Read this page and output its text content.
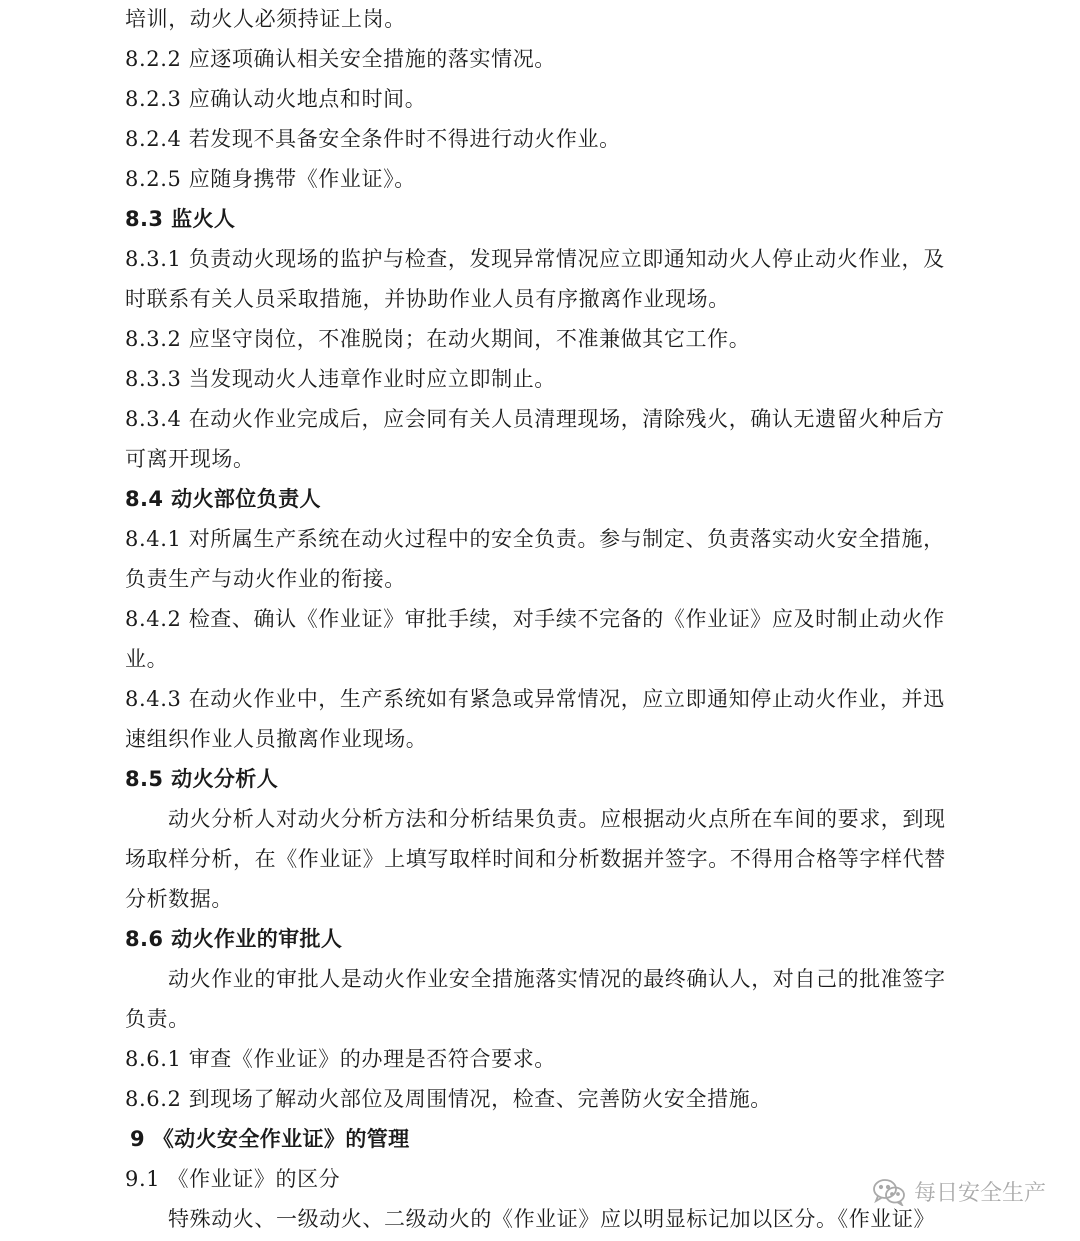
培训，动火人必须持证上岗。
8.2.2 应逐项确认相关安全措施的落实情况。
8.2.3 应确认动火地点和时间。
8.2.4 若发现不具备安全条件时不得进行动火作业。
8.2.5 应随身携带《作业证》。
8.3 监火人
8.3.1 负责动火现场的监护与检查，发现异常情况应立即通知动火人停止动火作业，及
时联系有关人员采取措施，并协助作业人员有序撤离作业现场。
8.3.2 应坚守岗位，不准脱岗；在动火期间，不准兼做其它工作。
8.3.3 当发现动火人违章作业时应立即制止。
8.3.4 在动火作业完成后，应会同有关人员清理现场，清除残火，确认无遗留火种后方
可离开现场。
8.4 动火部位负责人
8.4.1 对所属生产系统在动火过程中的安全负责。参与制定、负责落实动火安全措施，
负责生产与动火作业的衔接。
8.4.2 检查、确认《作业证》审批手续，对手续不完备的《作业证》应及时制止动火作
业。
8.4.3 在动火作业中，生产系统如有紧急或异常情况，应立即通知停止动火作业，并迅
速组织作业人员撤离作业现场。
8.5 动火分析人
动火分析人对动火分析方法和分析结果负责。应根据动火点所在车间的要求，到现
场取样分析，在《作业证》上填写取样时间和分析数据并签字。不得用合格等字样代替
分析数据。
8.6 动火作业的审批人
动火作业的审批人是动火作业安全措施落实情况的最终确认人，对自己的批准签字
负责。
8.6.1 审查《作业证》的办理是否符合要求。
8.6.2 到现场了解动火部位及周围情况，检查、完善防火安全措施。
9 《动火安全作业证》的管理
9.1 《作业证》的区分
特殊动火、一级动火、二级动火的《作业证》应以明显标记加以区分。《作业证》
每日安全生产
